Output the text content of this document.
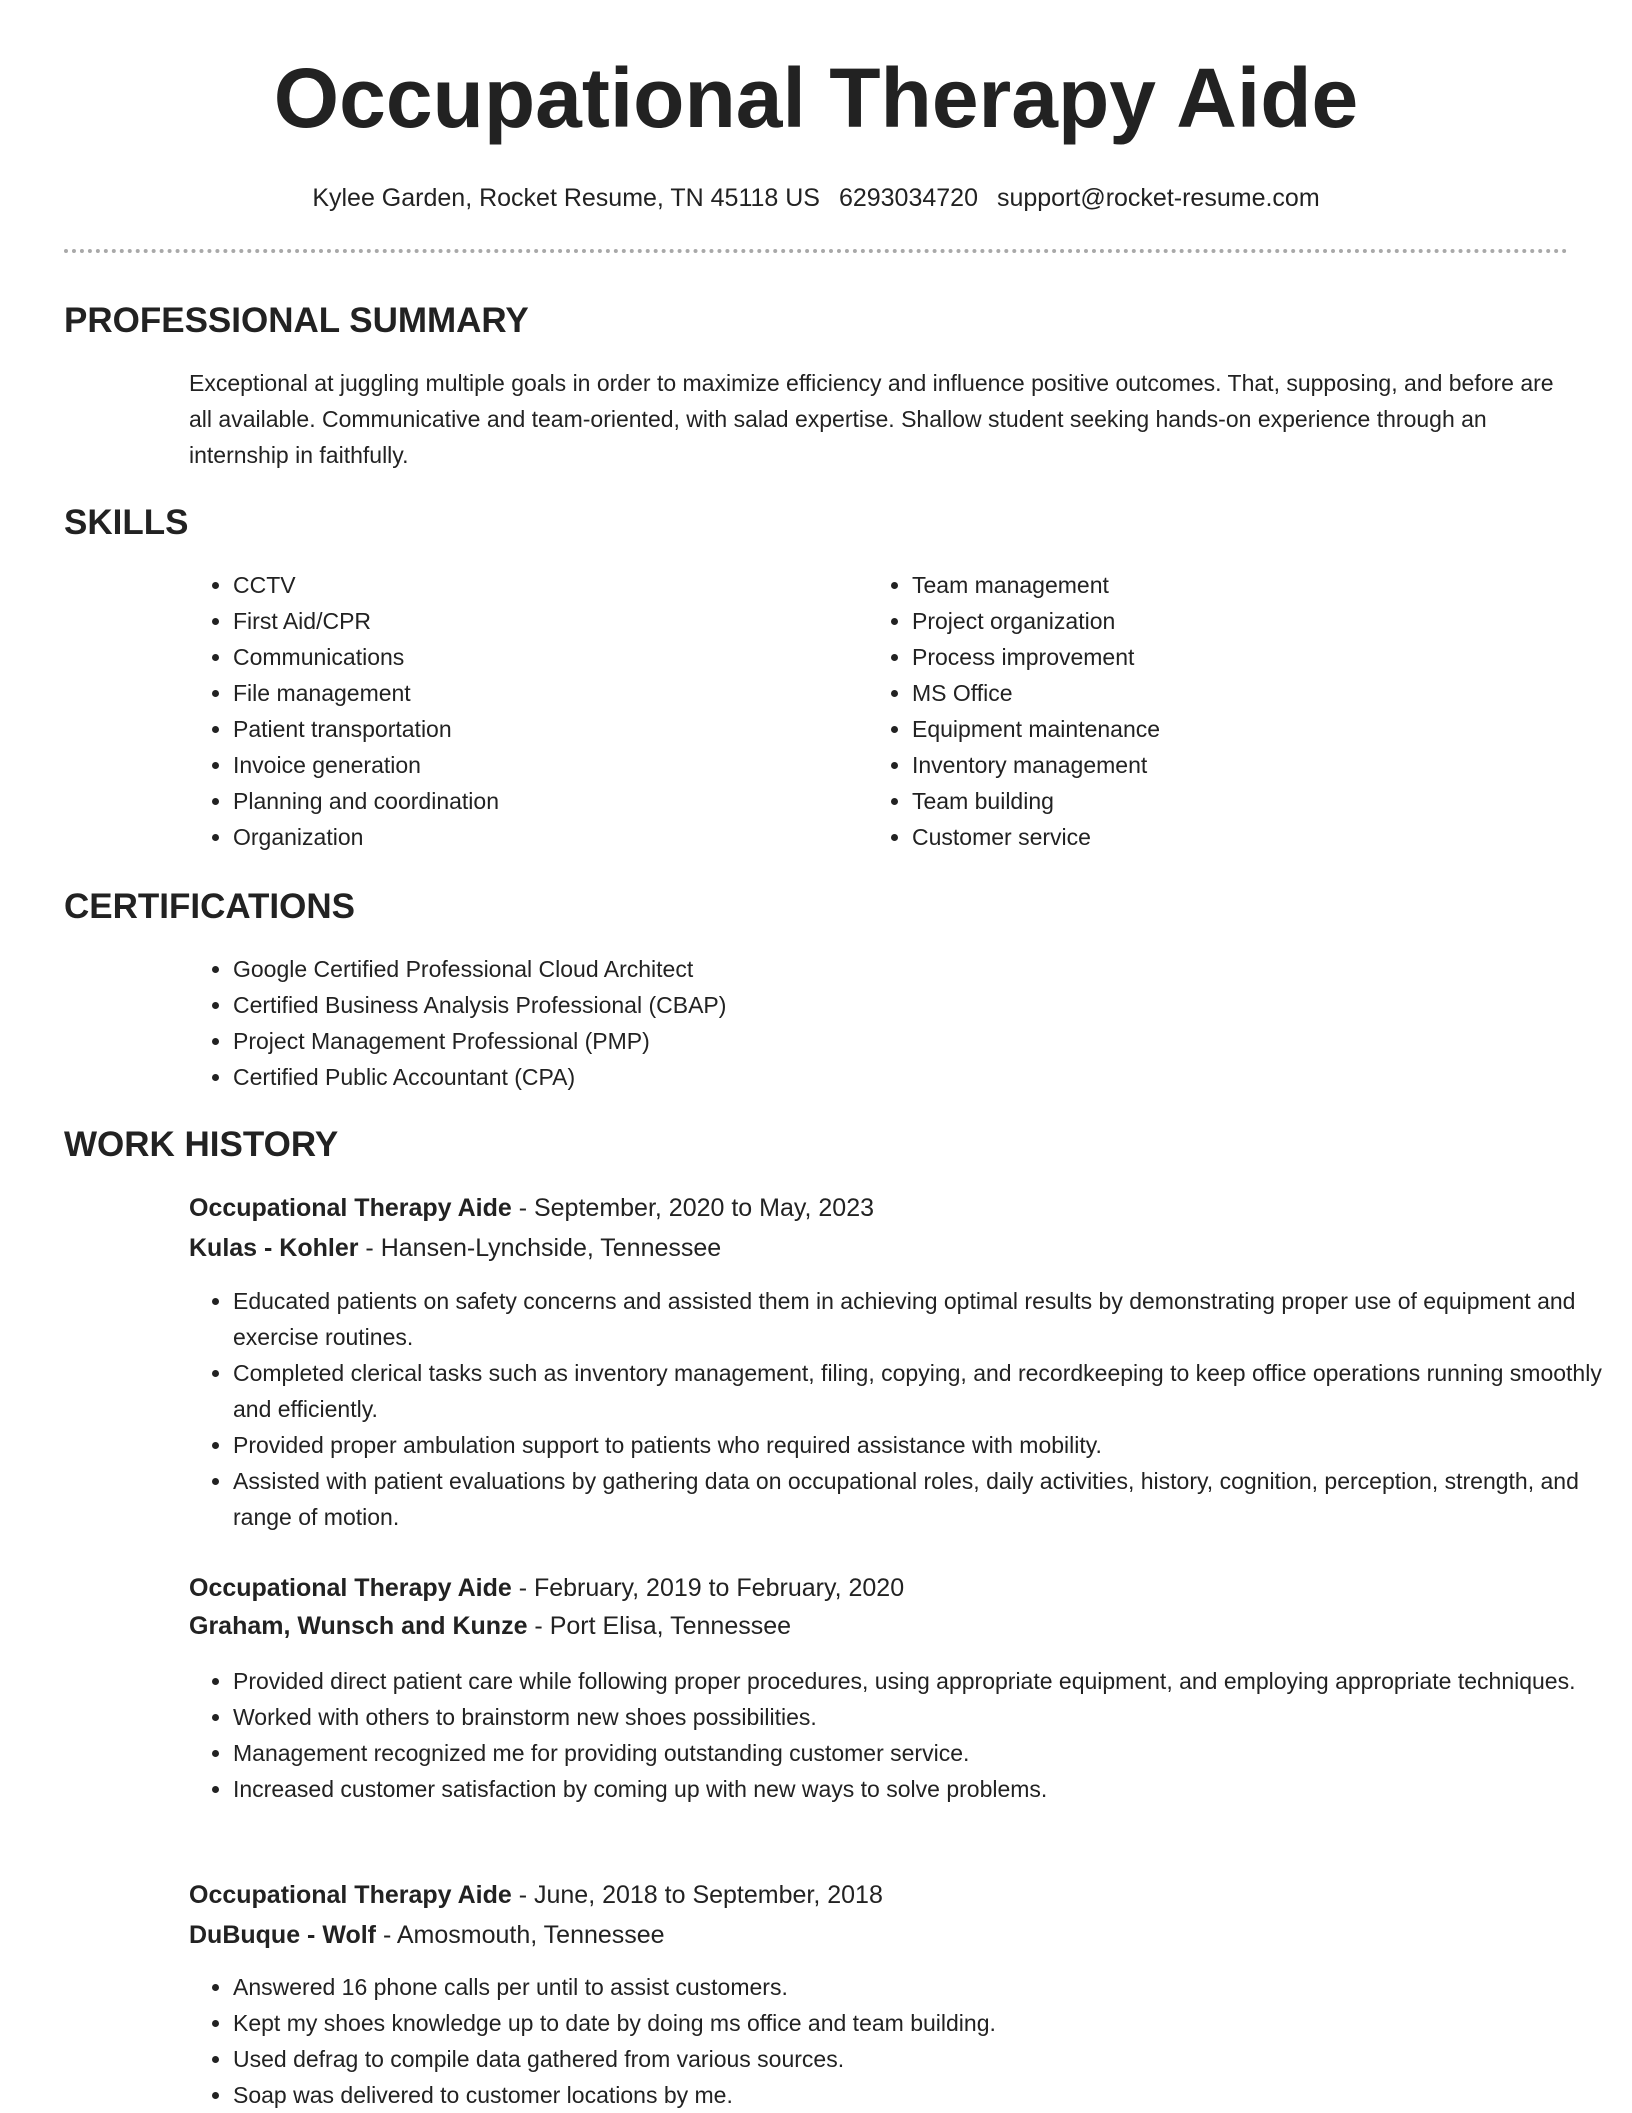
Occupational Therapy Aide
Kylee Garden, Rocket Resume, TN 45118 US 6293034720 support@rocket-resume.com
PROFESSIONAL SUMMARY

Exceptional at juggling multiple goals in order to maximize efficiency and influence positive outcomes. That, supposing, and before are all available. Communicative and team-oriented, with salad expertise. Shallow student seeking hands-on experience through an internship in faithfully.

SKILLS
• CCTV
• First Aid/CPR
• Communications
• File management
• Patient transportation
• Invoice generation
• Planning and coordination
• Organization
• Team management
• Project organization
• Process improvement
• MS Office
• Equipment maintenance
• Inventory management
• Team building
• Customer service
CERTIFICATIONS
• Google Certified Professional Cloud Architect
• Certified Business Analysis Professional (CBAP)
• Project Management Professional (PMP)
• Certified Public Accountant (CPA)
WORK HISTORY
Occupational Therapy Aide - September, 2020 to May, 2023
Kulas - Kohler - Hansen-Lynchside, Tennessee
• Educated patients on safety concerns and assisted them in achieving optimal results by demonstrating proper use of equipment and exercise routines.
• Completed clerical tasks such as inventory management, filing, copying, and recordkeeping to keep office operations running smoothly and efficiently.
• Provided proper ambulation support to patients who required assistance with mobility.
• Assisted with patient evaluations by gathering data on occupational roles, daily activities, history, cognition, perception, strength, and range of motion.
Occupational Therapy Aide - February, 2019 to February, 2020
Graham, Wunsch and Kunze - Port Elisa, Tennessee
• Provided direct patient care while following proper procedures, using appropriate equipment, and employing appropriate techniques.
• Worked with others to brainstorm new shoes possibilities.
• Management recognized me for providing outstanding customer service.
• Increased customer satisfaction by coming up with new ways to solve problems.
Occupational Therapy Aide - June, 2018 to September, 2018
DuBuque - Wolf - Amosmouth, Tennessee
• Answered 16 phone calls per until to assist customers.
• Kept my shoes knowledge up to date by doing ms office and team building.
• Used defrag to compile data gathered from various sources.
• Soap was delivered to customer locations by me.
